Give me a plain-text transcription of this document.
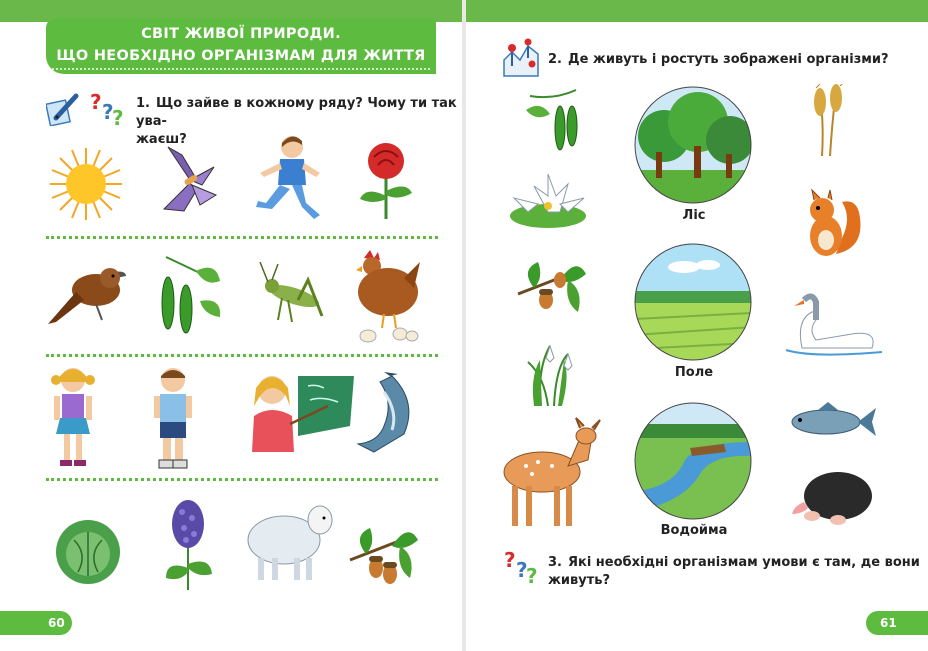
СВІТ ЖИВОЇ ПРИРОДИ.
ЩО НЕОБХІДНО ОРГАНІЗМАМ ДЛЯ ЖИТТЯ
? ?
?
1. Що зайве в кожному ряду? Чому ти так ува-
жаєш?
60
2. Де живуть і ростуть зображені організми?
Ліс
Поле
Водойма
? ?
?
3. Які необхідні організмам умови є там, де вони
живуть?
61
